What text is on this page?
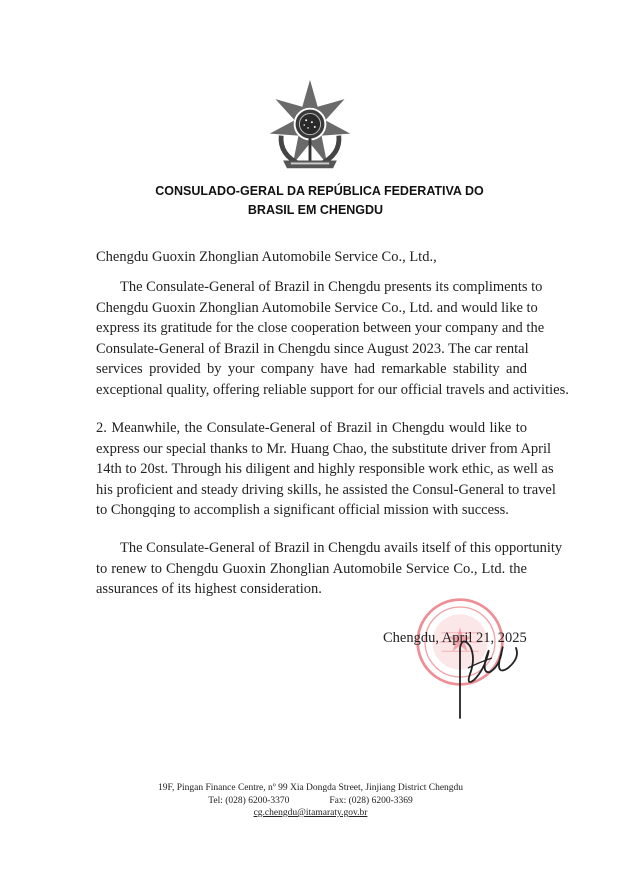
CONSULADO-GERAL DA REPÚBLICA FEDERATIVA DO
BRASIL EM CHENGDU
Chengdu Guoxin Zhonglian Automobile Service Co., Ltd.,
The Consulate-General of Brazil in Chengdu presents its compliments to
Chengdu Guoxin Zhonglian Automobile Service Co., Ltd. and would like to
express its gratitude for the close cooperation between your company and the
Consulate-General of Brazil in Chengdu since August 2023. The car rental
services provided by your company have had remarkable stability and
exceptional quality, offering reliable support for our official travels and activities.
2. Meanwhile, the Consulate-General of Brazil in Chengdu would like to
express our special thanks to Mr. Huang Chao, the substitute driver from April
14th to 20st. Through his diligent and highly responsible work ethic, as well as
his proficient and steady driving skills, he assisted the Consul-General to travel
to Chongqing to accomplish a significant official mission with success.
The Consulate-General of Brazil in Chengdu avails itself of this opportunity
to renew to Chengdu Guoxin Zhonglian Automobile Service Co., Ltd. the
assurances of its highest consideration.
Chengdu, April 21, 2025
19F, Pingan Finance Centre, nº 99 Xia Dongda Street, Jinjiang District Chengdu
Tel: (028) 6200-3370	Fax: (028) 6200-3369
cg.chengdu@itamaraty.gov.br
